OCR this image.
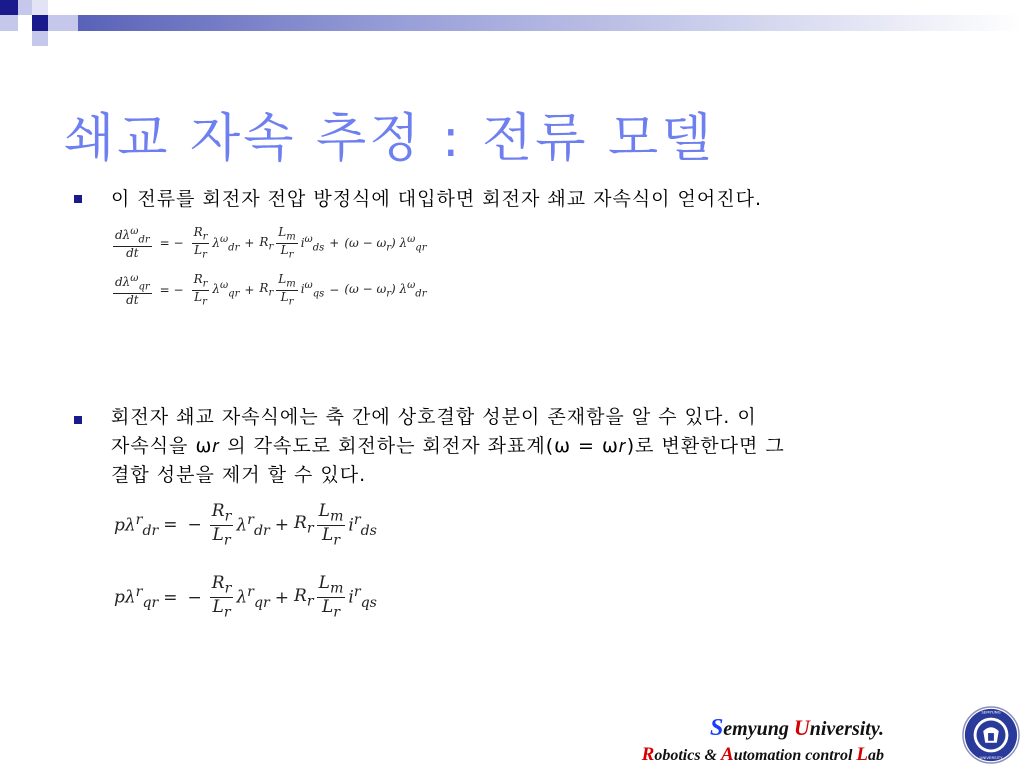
쇄교 자속 추정 : 전류 모델

이 전류를 회전자 전압 방정식에 대입하면 회전자 쇄교 자속식이 얻어진다.

$d\lambda^\omega_{dr}$
dt
= − $\frac{R_r}{L_r} \lambda^\omega_{dr} + R_r$
$L_m$
$L_r$
$i^\omega_{ds} + (\omega - \omega_r)$ $\lambda^\omega_{qr}$
$d\lambda^\omega_{qr}$
dt
= − $\frac{R_r}{L_r} \lambda^\omega_{qr} + R_r$
$L_m$
$L_r$
$i^\omega_{qs} - (\omega - \omega_r)$ $\lambda^\omega_{dr}$

회전자 쇄교 자속식에는 축 간에 상호결합 성분이 존재함을 알 수 있다. 이

자속식을 ω𝑟 의 각속도로 회전하는 회전자 좌표계(ω = ω𝑟)로 변환한다면 그

결합 성분을 제거 할 수 있다.

$p\lambda^r_{dr}$ = − $\frac{R_r}{L_r} \lambda^r_{dr} + R_r$
$L_m$
$L_r$
$i^r_{ds}$
$p\lambda^r_{qr}$ = − $\frac{R_r}{L_r} \lambda^r_{qr} + R_r$
$L_m$
$L_r$
$i^r_{qs}$
Semyung University.
Robotics & Automation control Lab
SEMYUNG
UNIVERSITY
